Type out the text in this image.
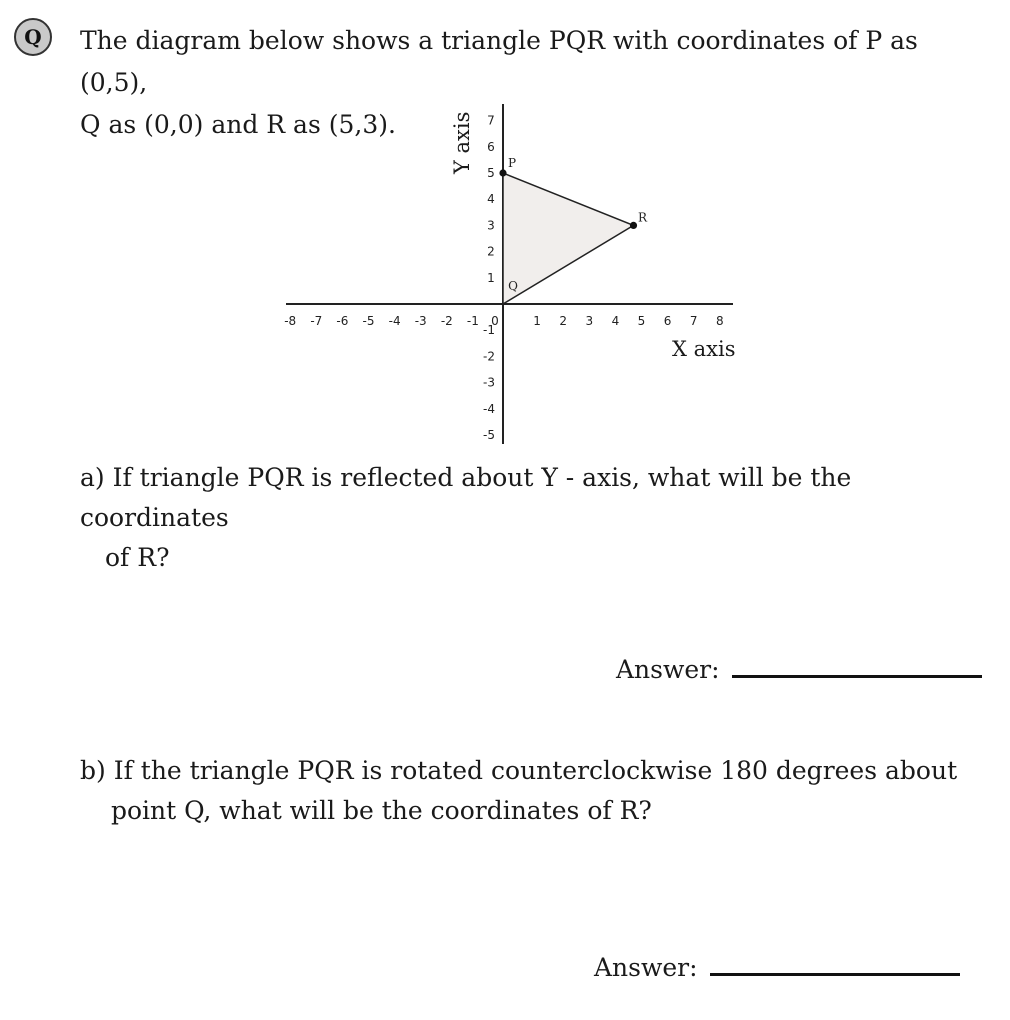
Q	The diagram below shows a triangle PQR with coordinates of P as (0,5),
Q as (0,0) and R as (5,3).
-8 -7 -6 -5 -4 -3 -2 -1	1 2 3 4 5 6 7 8
0
1
2
3
4
5
6
7
-1
-2
-3
-4
-5
P
Q
R
X axis
Y axis
a) If triangle PQR is reflected about Y - axis, what will be the coordinates
of R?
Answer:
b) If the triangle PQR is rotated counterclockwise 180 degrees about
point Q, what will be the coordinates of R?
Answer:
